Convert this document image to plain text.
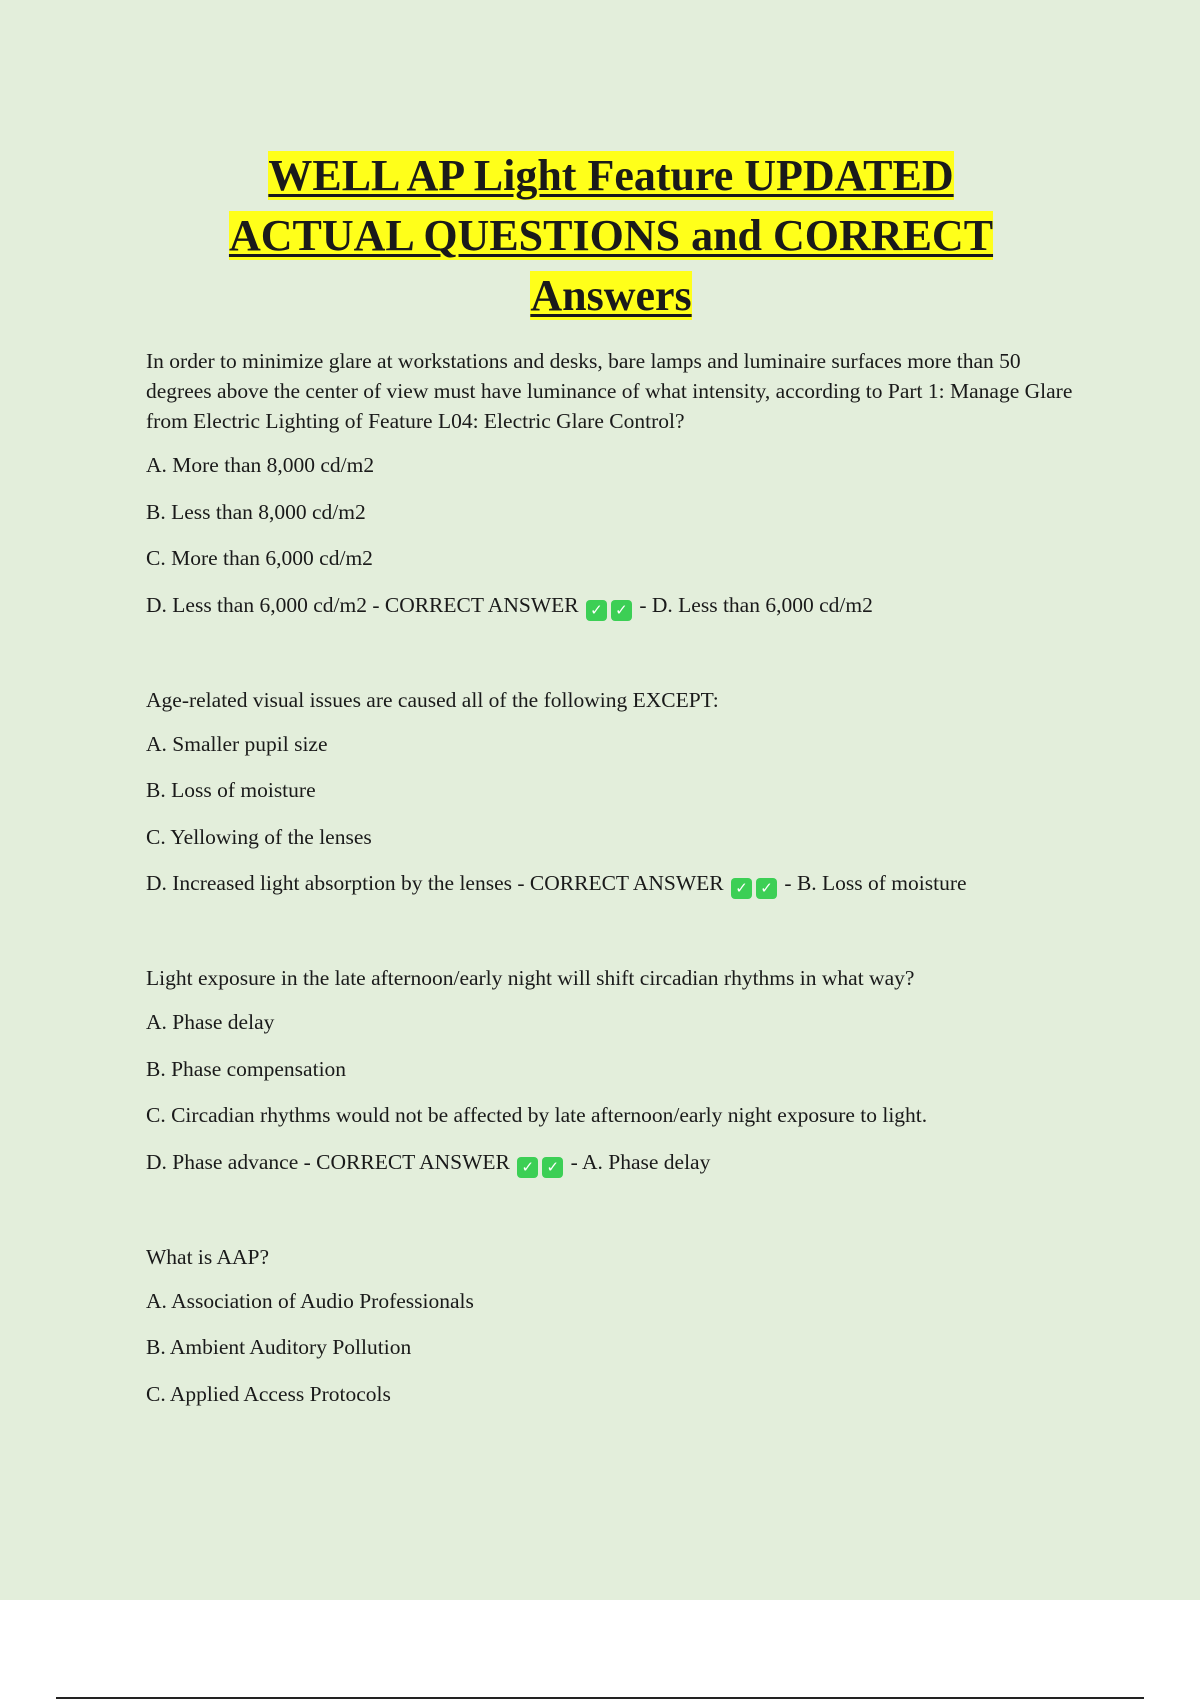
WELL AP Light Feature UPDATED
ACTUAL QUESTIONS and CORRECT
Answers

In order to minimize glare at workstations and desks, bare lamps and luminaire surfaces more than 50 degrees above the center of view must have luminance of what intensity, according to Part 1: Manage Glare from Electric Lighting of Feature L04: Electric Glare Control?

A. More than 8,000 cd/m2

B. Less than 8,000 cd/m2

C. More than 6,000 cd/m2

D. Less than 6,000 cd/m2 - CORRECT ANSWER ✓ ✓ - D. Less than 6,000 cd/m2

Age-related visual issues are caused all of the following EXCEPT:

A. Smaller pupil size

B. Loss of moisture

C. Yellowing of the lenses

D. Increased light absorption by the lenses - CORRECT ANSWER ✓ ✓ - B. Loss of moisture

Light exposure in the late afternoon/early night will shift circadian rhythms in what way?

A. Phase delay

B. Phase compensation

C. Circadian rhythms would not be affected by late afternoon/early night exposure to light.

D. Phase advance - CORRECT ANSWER ✓ ✓ - A. Phase delay

What is AAP?

A. Association of Audio Professionals

B. Ambient Auditory Pollution

C. Applied Access Protocols
